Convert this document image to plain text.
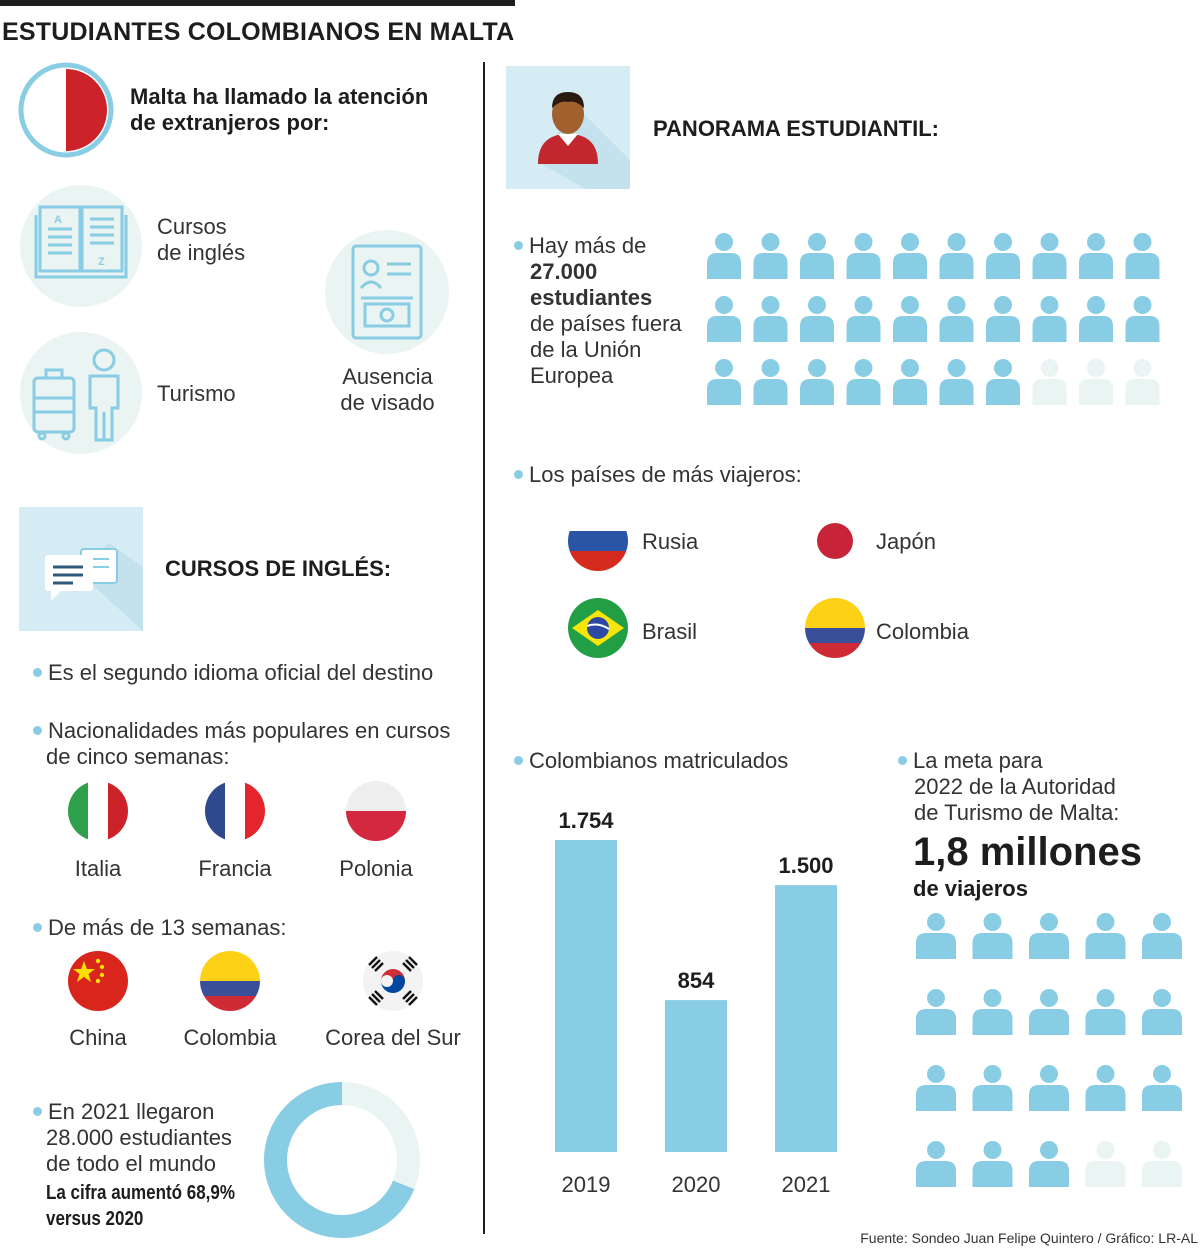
ESTUDIANTES COLOMBIANOS EN MALTA
Malta ha llamado la atención
de extranjeros por:
A
Z
Cursos
de inglés
Turismo
Ausencia
de visado
CURSOS DE INGLÉS:
Es el segundo idioma oficial del destino
Nacionalidades más populares en cursos
de cinco semanas:
Italia	Francia	Polonia
De más de 13 semanas:
China	Colombia	Corea del Sur
En 2021 llegaron
28.000 estudiantes
de todo el mundo
La cifra aumentó 68,9%
versus 2020
PANORAMA ESTUDIANTIL:
Hay más de
27.000
estudiantes
de países fuera
de la Unión
Europea
Los países de más viajeros:
Rusia	Japón
Brasil	Colombia
Colombianos matriculados
1.754
2019
854
2020
1.500
2021
La meta para
2022 de la Autoridad
de Turismo de Malta:
1,8 millones
de viajeros
Fuente: Sondeo Juan Felipe Quintero / Gráfico: LR-AL
